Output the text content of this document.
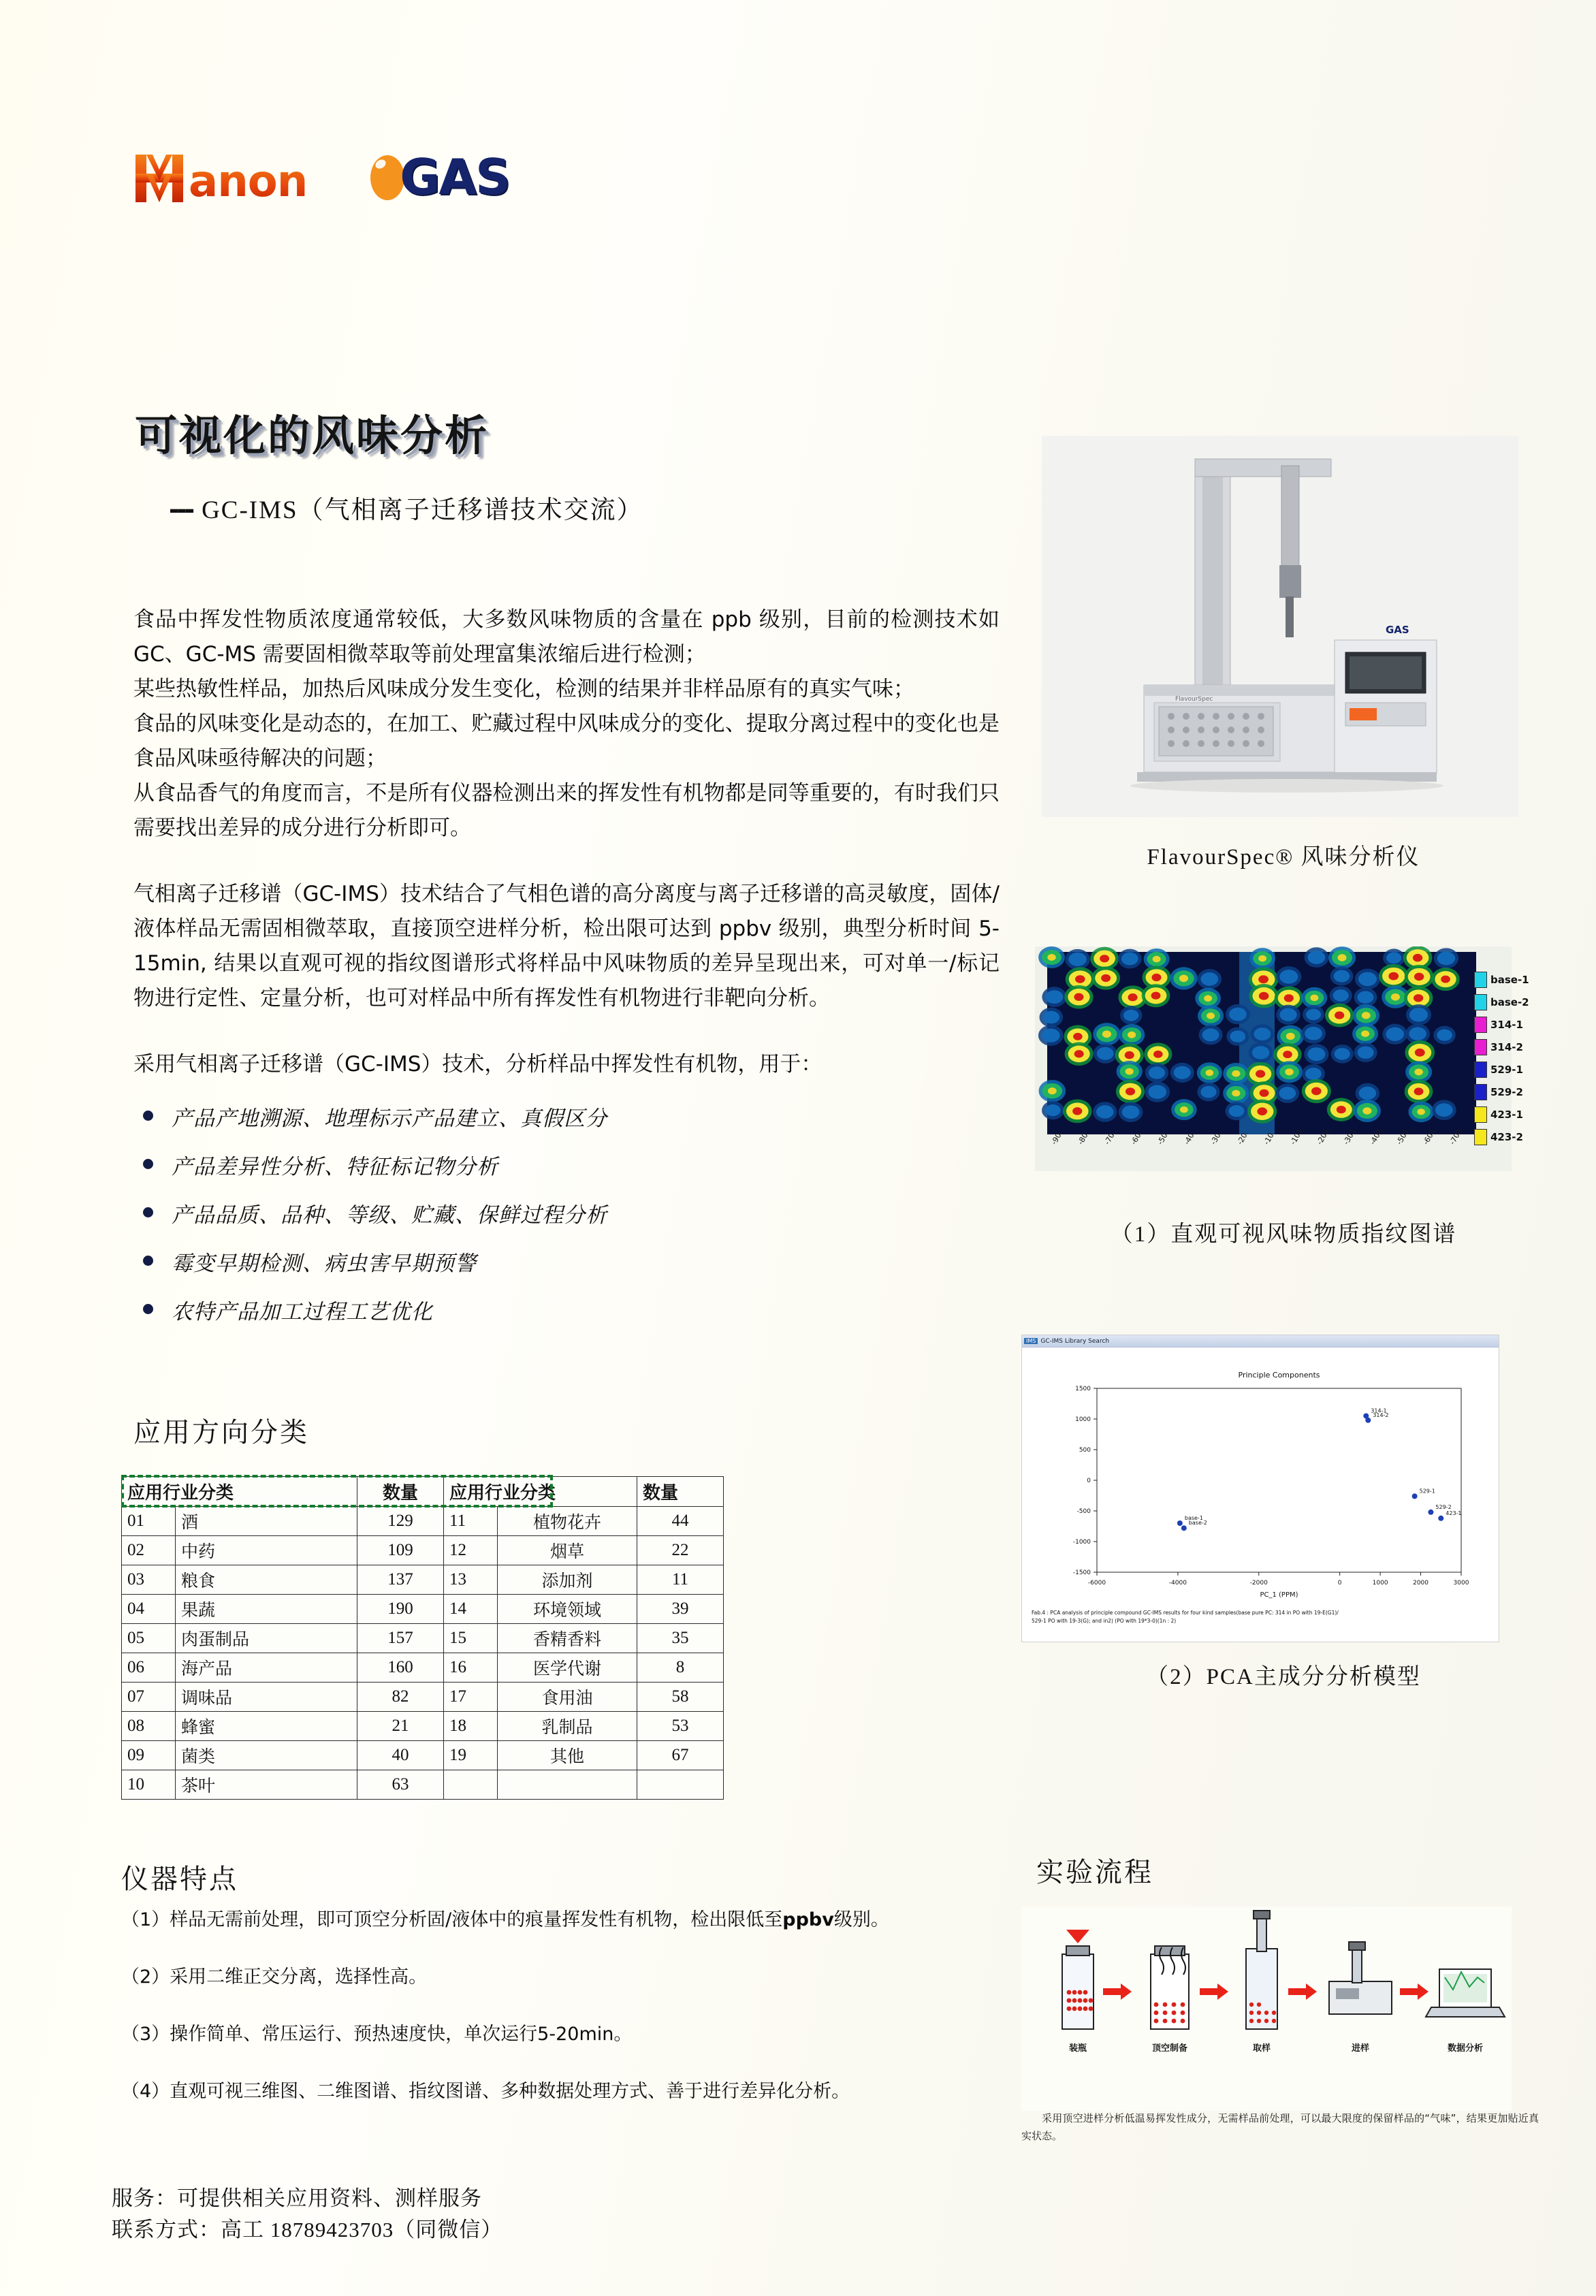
anon GAS
可视化的风味分析
--- GC-IMS（气相离子迁移谱技术交流）

食品中挥发性物质浓度通常较低，大多数风味物质的含量在 ppb 级别，目前的检测技术如 GC、GC-MS 需要固相微萃取等前处理富集浓缩后进行检测；

某些热敏性样品，加热后风味成分发生变化，检测的结果并非样品原有的真实气味；

食品的风味变化是动态的，在加工、贮藏过程中风味成分的变化、提取分离过程中的变化也是食品风味亟待解决的问题；

从食品香气的角度而言，不是所有仪器检测出来的挥发性有机物都是同等重要的，有时我们只需要找出差异的成分进行分析即可。

气相离子迁移谱（GC-IMS）技术结合了气相色谱的高分离度与离子迁移谱的高灵敏度，固体/液体样品无需固相微萃取，直接顶空进样分析，检出限可达到 ppbv 级别，典型分析时间 5-15min, 结果以直观可视的指纹图谱形式将样品中风味物质的差异呈现出来，可对单一/标记物进行定性、定量分析，也可对样品中所有挥发性有机物进行非靶向分析。

采用气相离子迁移谱（GC-IMS）技术，分析样品中挥发性有机物，用于：

产品产地溯源、地理标示产品建立、真假区分
产品差异性分析、特征标记物分析
产品品质、品种、等级、贮藏、保鲜过程分析
霉变早期检测、病虫害早期预警
农特产品加工过程工艺优化
应用方向分类
应用行业分类		数量	应用行业分类		数量
01	酒	129	11	植物花卉	44
02	中药	109	12	烟草	22
03	粮食	137	13	添加剂	11
04	果蔬	190	14	环境领域	39
05	肉蛋制品	157	15	香精香料	35
06	海产品	160	16	医学代谢	8
07	调味品	82	17	食用油	58
08	蜂蜜	21	18	乳制品	53
09	菌类	40	19	其他	67
10	茶叶	63			
仪器特点

（1）样品无需前处理，即可顶空分析固/液体中的痕量挥发性有机物，检出限低至ppbv级别。

（2）采用二维正交分离，选择性高。

（3）操作简单、常压运行、预热速度快，单次运行5-20min。

（4）直观可视三维图、二维图谱、指纹图谱、多种数据处理方式、善于进行差异化分析。

服务：可提供相关应用资料、测样服务
联系方式：高工 18789423703（同微信）
GAS
FlavourSpec
FlavourSpec® 风味分析仪
-90. -80. -70. -60. -50. -40. -30. -20. -10. -101. -201. -301. -401. -501. -601. -701.
base-1
base-2
314-1
314-2
529-1
529-2
423-1
423-2
（1）直观可视风味物质指纹图谱
IMS GC-IMS Library Search
Principle Components
-6000	-4000	-2000	0	1000	2000	3000
-1500
-1000
-500
0
500
1000
1500
PC_1 (PPM)
314-1
314-2
529-1
529-2
base-1
base-2
423-1
Fab.4 : PCA analysis of principle compound GC-IMS results for four kind samples(base pure PC: 314 in PO with 19-E(G1)/
529-1 PO with 19-3(G); and in2) (PO with 19*3-0)(1n : 2)
（2）PCA主成分分析模型
实验流程
装瓶	顶空制备	取样	进样	数据分析
采用顶空进样分析低温易挥发性成分，无需样品前处理，可以最大限度的保留样品的“气味”，结果更加贴近真实状态。
